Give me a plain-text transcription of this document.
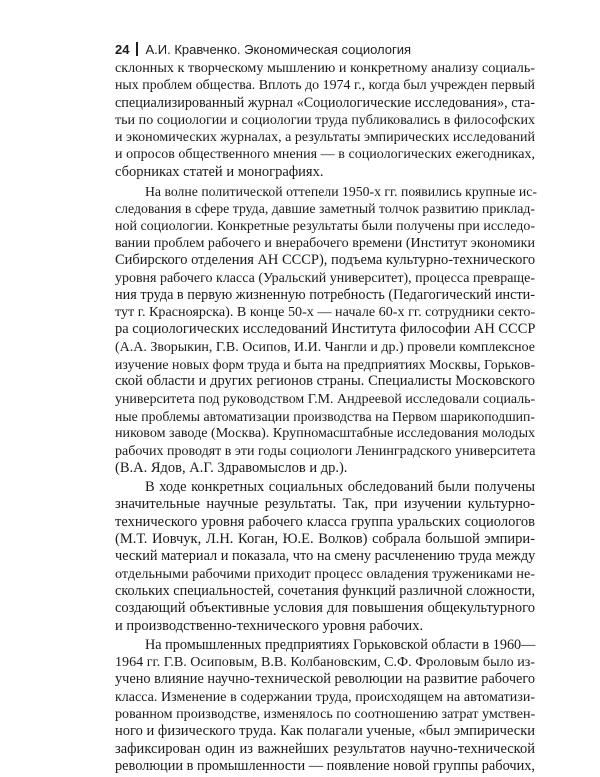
24 А.И. Кравченко. Экономическая социология

склонных к творческому мышлению и конкретному анализу социаль-
ных проблем общества. Вплоть до 1974 г., когда был учрежден первый
специализированный журнал «Социологические исследования», ста-
тьи по социологии и социологии труда публиковались в философских
и экономических журналах, а результаты эмпирических исследований
и опросов общественного мнения — в социологических ежегодниках,
сборниках статей и монографиях.

На волне политической оттепели 1950-х гг. появились крупные ис-
следования в сфере труда, давшие заметный толчок развитию приклад-
ной социологии. Конкретные результаты были получены при исследо-
вании проблем рабочего и внерабочего времени (Институт экономики
Сибирского отделения АН СССР), подъема культурно-технического
уровня рабочего класса (Уральский университет), процесса превраще-
ния труда в первую жизненную потребность (Педагогический инсти-
тут г. Красноярска). В конце 50-х — начале 60-х гг. сотрудники секто-
ра социологических исследований Института философии АН СССР
(А.А. Зворыкин, Г.В. Осипов, И.И. Чангли и др.) провели комплексное
изучение новых форм труда и быта на предприятиях Москвы, Горьков-
ской области и других регионов страны. Специалисты Московского
университета под руководством Г.М. Андреевой исследовали социаль-
ные проблемы автоматизации производства на Первом шарикоподшип-
никовом заводе (Москва). Крупномасштабные исследования молодых
рабочих проводят в эти годы социологи Ленинградского университета
(В.А. Ядов, А.Г. Здравомыслов и др.).

В ходе конкретных социальных обследований были получены
значительные научные результаты. Так, при изучении культурно-
технического уровня рабочего класса группа уральских социологов
(М.Т. Иовчук, Л.Н. Коган, Ю.Е. Волков) собрала большой эмпири-
ческий материал и показала, что на смену расчленению труда между
отдельными рабочими приходит процесс овладения тружениками не-
скольких специальностей, сочетания функций различной сложности,
создающий объективные условия для повышения общекультурного
и производственно-технического уровня рабочих.

На промышленных предприятиях Горьковской области в 1960—
1964 гг. Г.В. Осиповым, В.В. Колбановским, С.Ф. Фроловым было из-
учено влияние научно-технической революции на развитие рабочего
класса. Изменение в содержании труда, происходящем на автоматизи-
рованном производстве, изменялось по соотношению затрат умствен-
ного и физического труда. Как полагали ученые, «был эмпирически
зафиксирован один из важнейших результатов научно-технической
революции в промышленности — появление новой группы рабочих,
